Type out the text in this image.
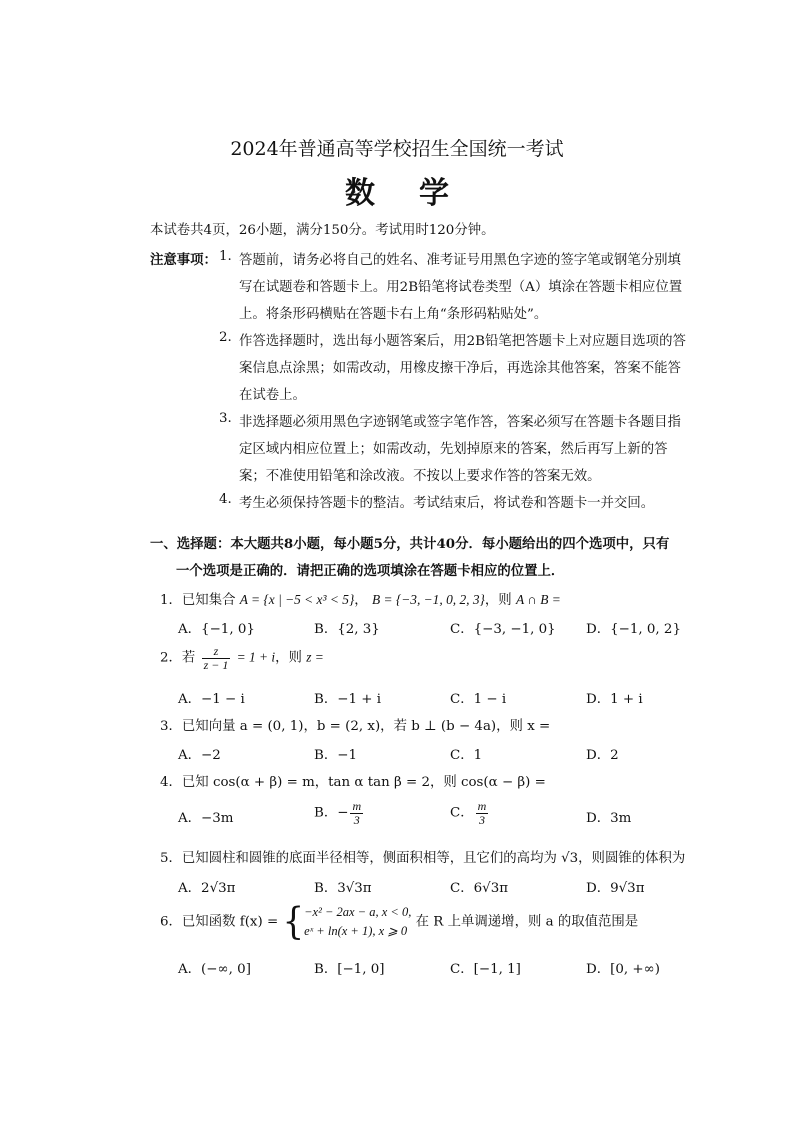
2024年普通高等学校招生全国统一考试
数学
本试卷共4页，26小题，满分150分。考试用时120分钟。
注意事项： 1. 答题前，请务必将自己的姓名、准考证号用黑色字迹的签字笔或钢笔分别填
写在试题卷和答题卡上。用2B铅笔将试卷类型（A）填涂在答题卡相应位置
上。将条形码横贴在答题卡右上角“条形码粘贴处”。
2. 作答选择题时，选出每小题答案后，用2B铅笔把答题卡上对应题目选项的答
案信息点涂黑；如需改动，用橡皮擦干净后，再选涂其他答案，答案不能答
在试卷上。
3. 非选择题必须用黑色字迹钢笔或签字笔作答，答案必须写在答题卡各题目指
定区域内相应位置上；如需改动，先划掉原来的答案，然后再写上新的答
案；不准使用铅笔和涂改液。不按以上要求作答的答案无效。
4. 考生必须保持答题卡的整洁。考试结束后，将试卷和答题卡一并交回。
一、选择题：本大题共8小题，每小题5分，共计40分．每小题给出的四个选项中，只有
一个选项是正确的．请把正确的选项填涂在答题卡相应的位置上．
1．已知集合 A = {x | −5 < x³ < 5}， B = {−3, −1, 0, 2, 3}，则 A ∩ B =
A．{−1, 0}	B．{2, 3}	C．{−3, −1, 0} D．{−1, 0, 2}
2．若 $\frac{z}{z - 1} = 1 + i$，则 z =
A．−1 − i	B．−1 + i	C．1 − i	D．1 + i
3．已知向量 a = (0, 1)，b = (2, x)，若 b ⊥ (b − 4a)，则 x =
A．−2	B．−1	C．1	D．2
4．已知 cos(α + β) = m，tan α tan β = 2，则 cos(α − β) =
A．−3m	B．− $\frac{m}{3}$	C． $\frac{m}{3}$	D．3m
5．已知圆柱和圆锥的底面半径相等，侧面积相等，且它们的高均为 √3，则圆锥的体积为
A．2√3π	B．3√3π	C．6√3π	D．9√3π
6．已知函数 f(x) = { −x² − 2ax − a, x < 0,
eˣ + ln(x + 1), x ⩾ 0
在 R 上单调递增，则 a 的取值范围是
A．(−∞, 0]	B．[−1, 0]	C．[−1, 1]	D．[0, +∞)
